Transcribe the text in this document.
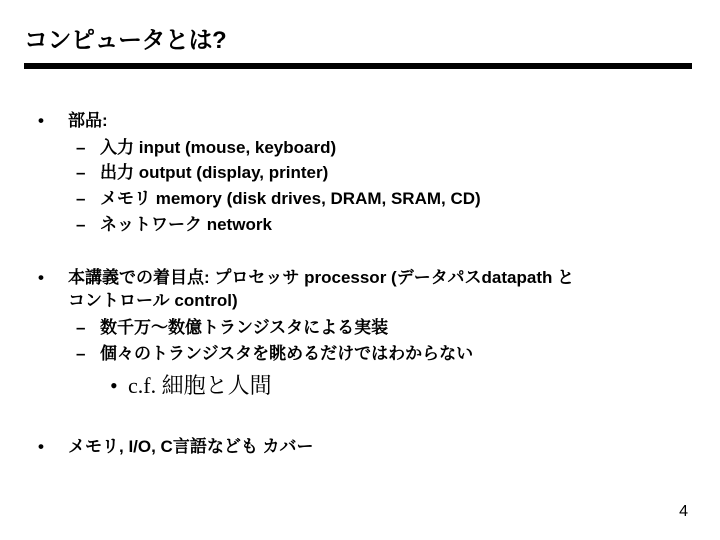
コンピュータとは?
• 部品:
– 入力 input (mouse, keyboard)
– 出力 output (display, printer)
– メモリ memory (disk drives, DRAM, SRAM, CD)
– ネットワーク network
• 本講義での着目点: プロセッサ processor (データパスdatapath と
コントロール control)
– 数千万～数億トランジスタによる実装
– 個々のトランジスタを眺めるだけではわからない
• c.f. 細胞と人間
• メモリ, I/O, C言語なども カバー
4
